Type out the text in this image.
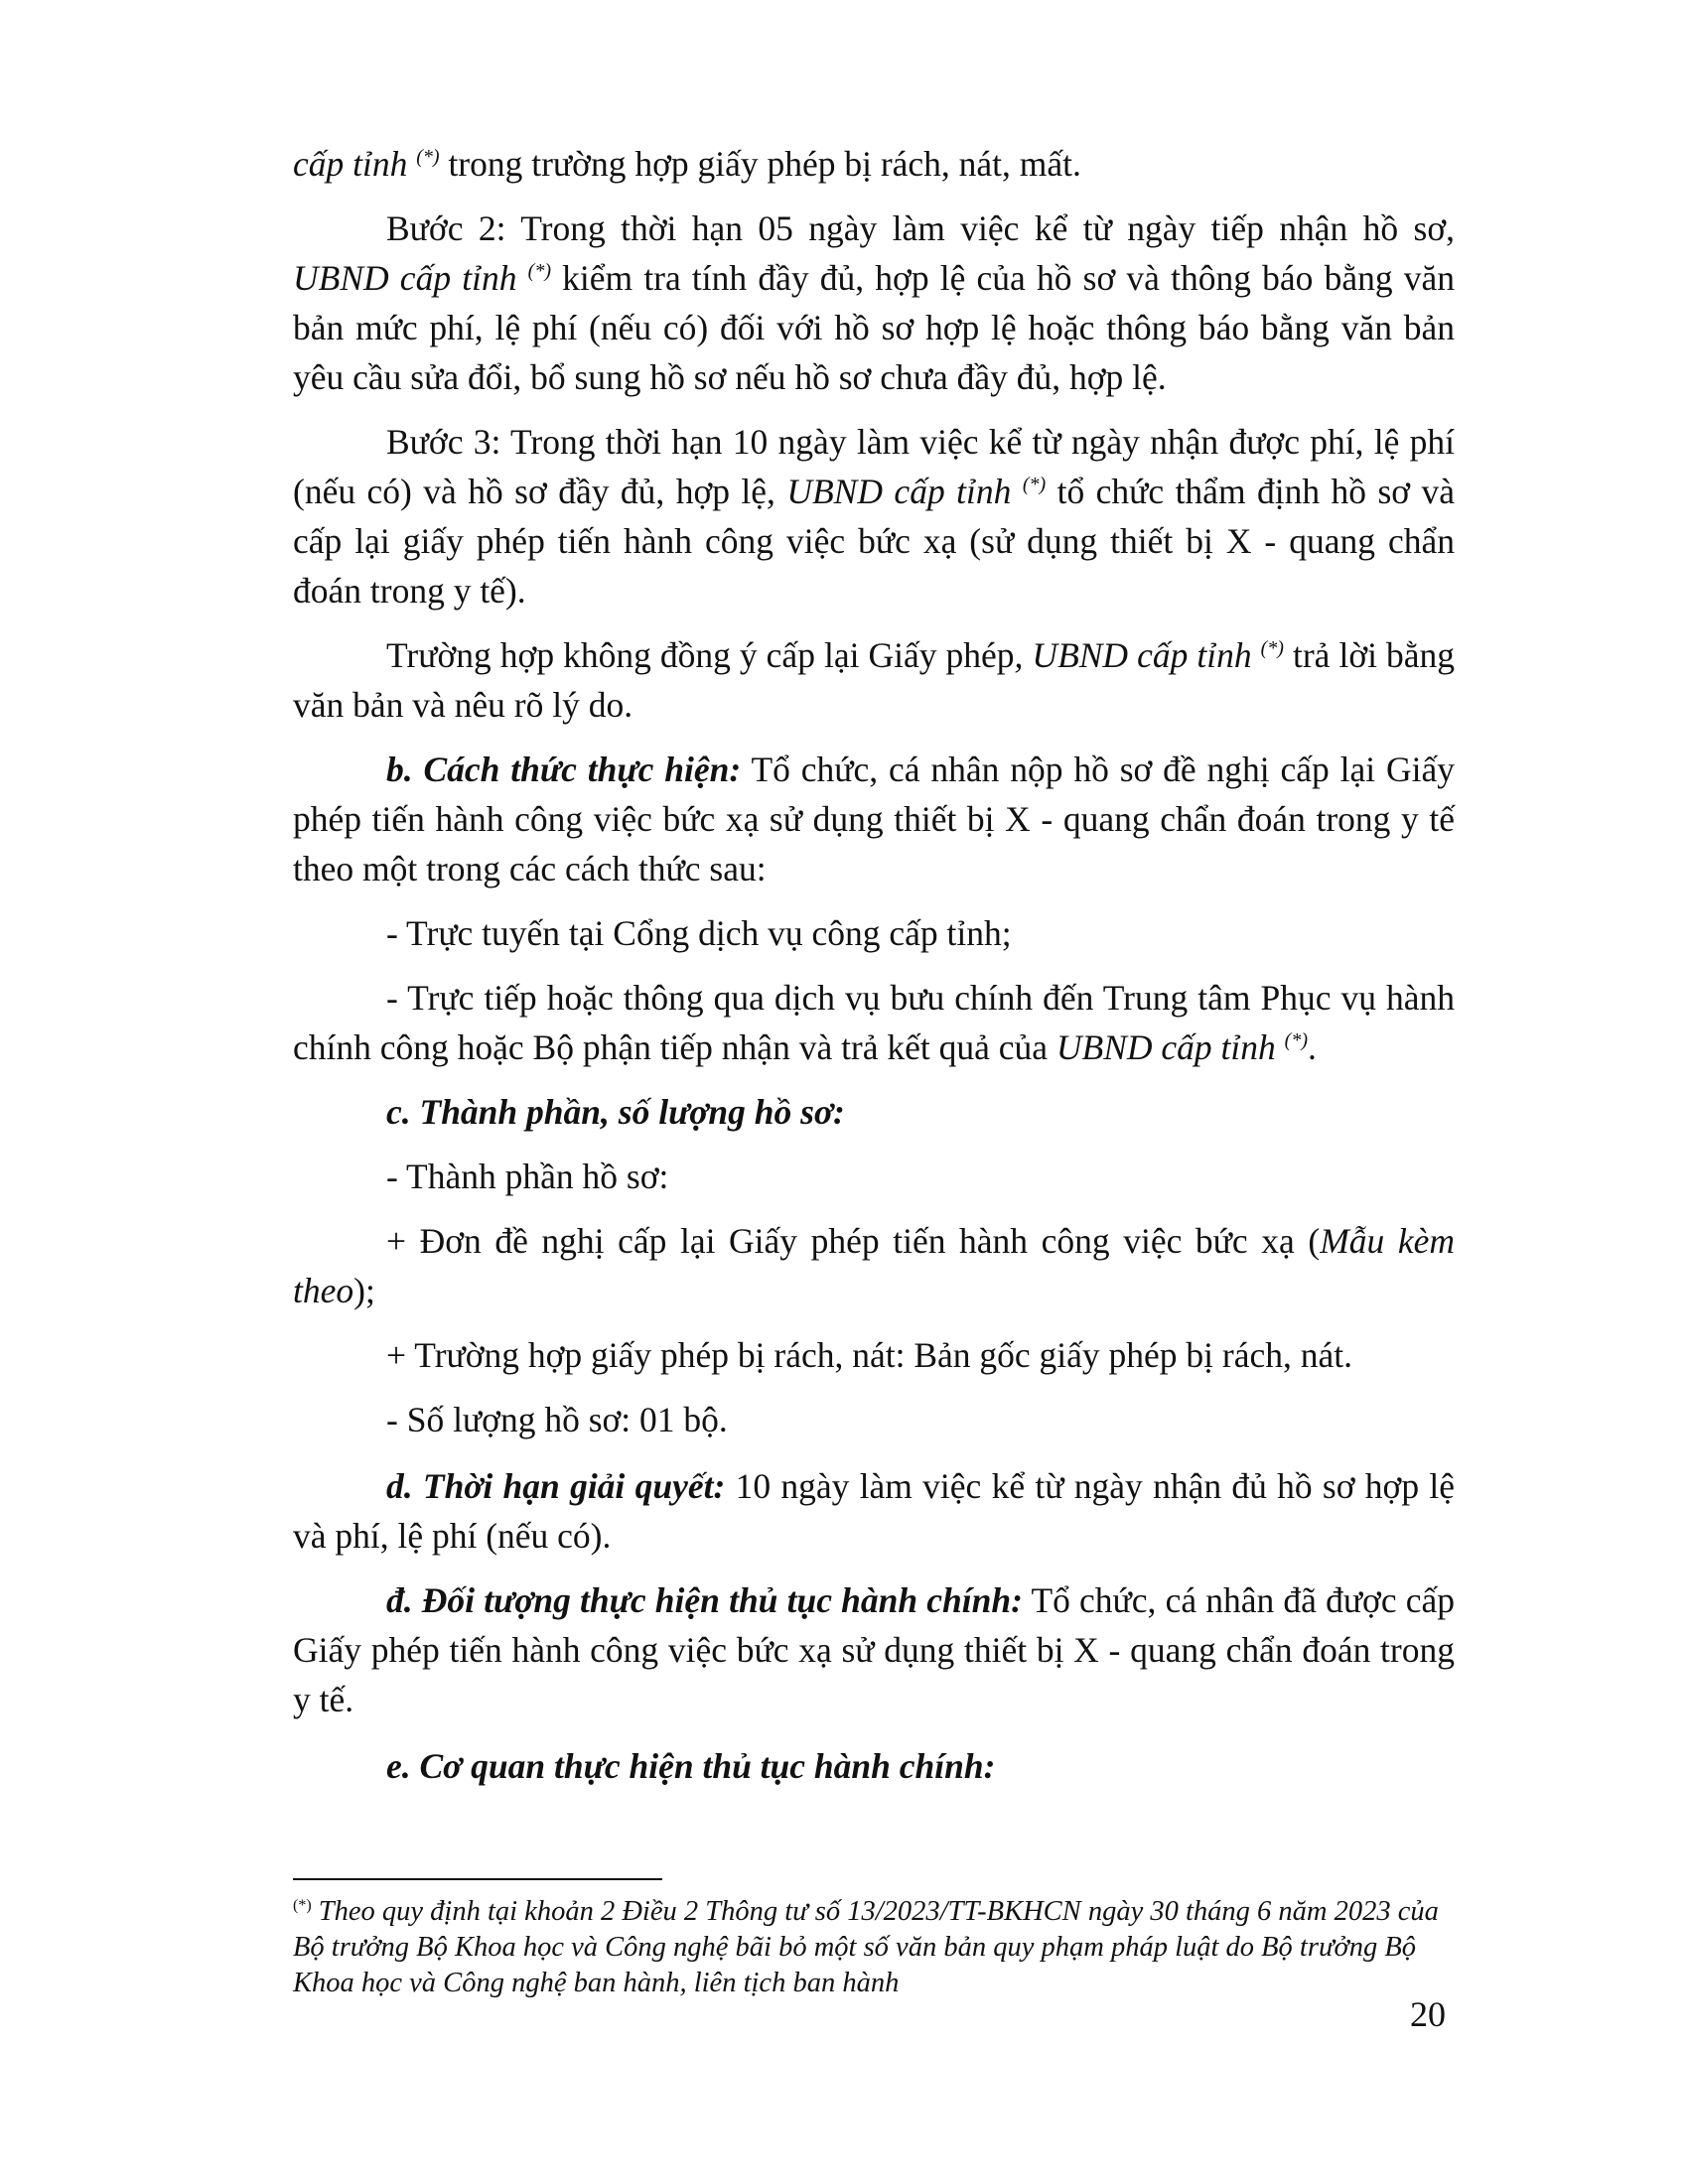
cấp tỉnh (*) trong trường hợp giấy phép bị rách, nát, mất.

Bước 2: Trong thời hạn 05 ngày làm việc kể từ ngày tiếp nhận hồ sơ, UBND cấp tỉnh (*) kiểm tra tính đầy đủ, hợp lệ của hồ sơ và thông báo bằng văn bản mức phí, lệ phí (nếu có) đối với hồ sơ hợp lệ hoặc thông báo bằng văn bản yêu cầu sửa đổi, bổ sung hồ sơ nếu hồ sơ chưa đầy đủ, hợp lệ.

Bước 3: Trong thời hạn 10 ngày làm việc kể từ ngày nhận được phí, lệ phí (nếu có) và hồ sơ đầy đủ, hợp lệ, UBND cấp tỉnh (*) tổ chức thẩm định hồ sơ và cấp lại giấy phép tiến hành công việc bức xạ (sử dụng thiết bị X - quang chẩn đoán trong y tế).

Trường hợp không đồng ý cấp lại Giấy phép, UBND cấp tỉnh (*) trả lời bằng văn bản và nêu rõ lý do.

b. Cách thức thực hiện: Tổ chức, cá nhân nộp hồ sơ đề nghị cấp lại Giấy phép tiến hành công việc bức xạ sử dụng thiết bị X - quang chẩn đoán trong y tế theo một trong các cách thức sau:

- Trực tuyến tại Cổng dịch vụ công cấp tỉnh;

- Trực tiếp hoặc thông qua dịch vụ bưu chính đến Trung tâm Phục vụ hành chính công hoặc Bộ phận tiếp nhận và trả kết quả của UBND cấp tỉnh (*).

c. Thành phần, số lượng hồ sơ:

- Thành phần hồ sơ:

+ Đơn đề nghị cấp lại Giấy phép tiến hành công việc bức xạ (Mẫu kèm theo);

+ Trường hợp giấy phép bị rách, nát: Bản gốc giấy phép bị rách, nát.

- Số lượng hồ sơ: 01 bộ.

d. Thời hạn giải quyết: 10 ngày làm việc kể từ ngày nhận đủ hồ sơ hợp lệ và phí, lệ phí (nếu có).

đ. Đối tượng thực hiện thủ tục hành chính: Tổ chức, cá nhân đã được cấp Giấy phép tiến hành công việc bức xạ sử dụng thiết bị X - quang chẩn đoán trong y tế.

e. Cơ quan thực hiện thủ tục hành chính:

(*) Theo quy định tại khoản 2 Điều 2 Thông tư số 13/2023/TT-BKHCN ngày 30 tháng 6 năm 2023 của Bộ trưởng Bộ Khoa học và Công nghệ bãi bỏ một số văn bản quy phạm pháp luật do Bộ trưởng Bộ Khoa học và Công nghệ ban hành, liên tịch ban hành
20
